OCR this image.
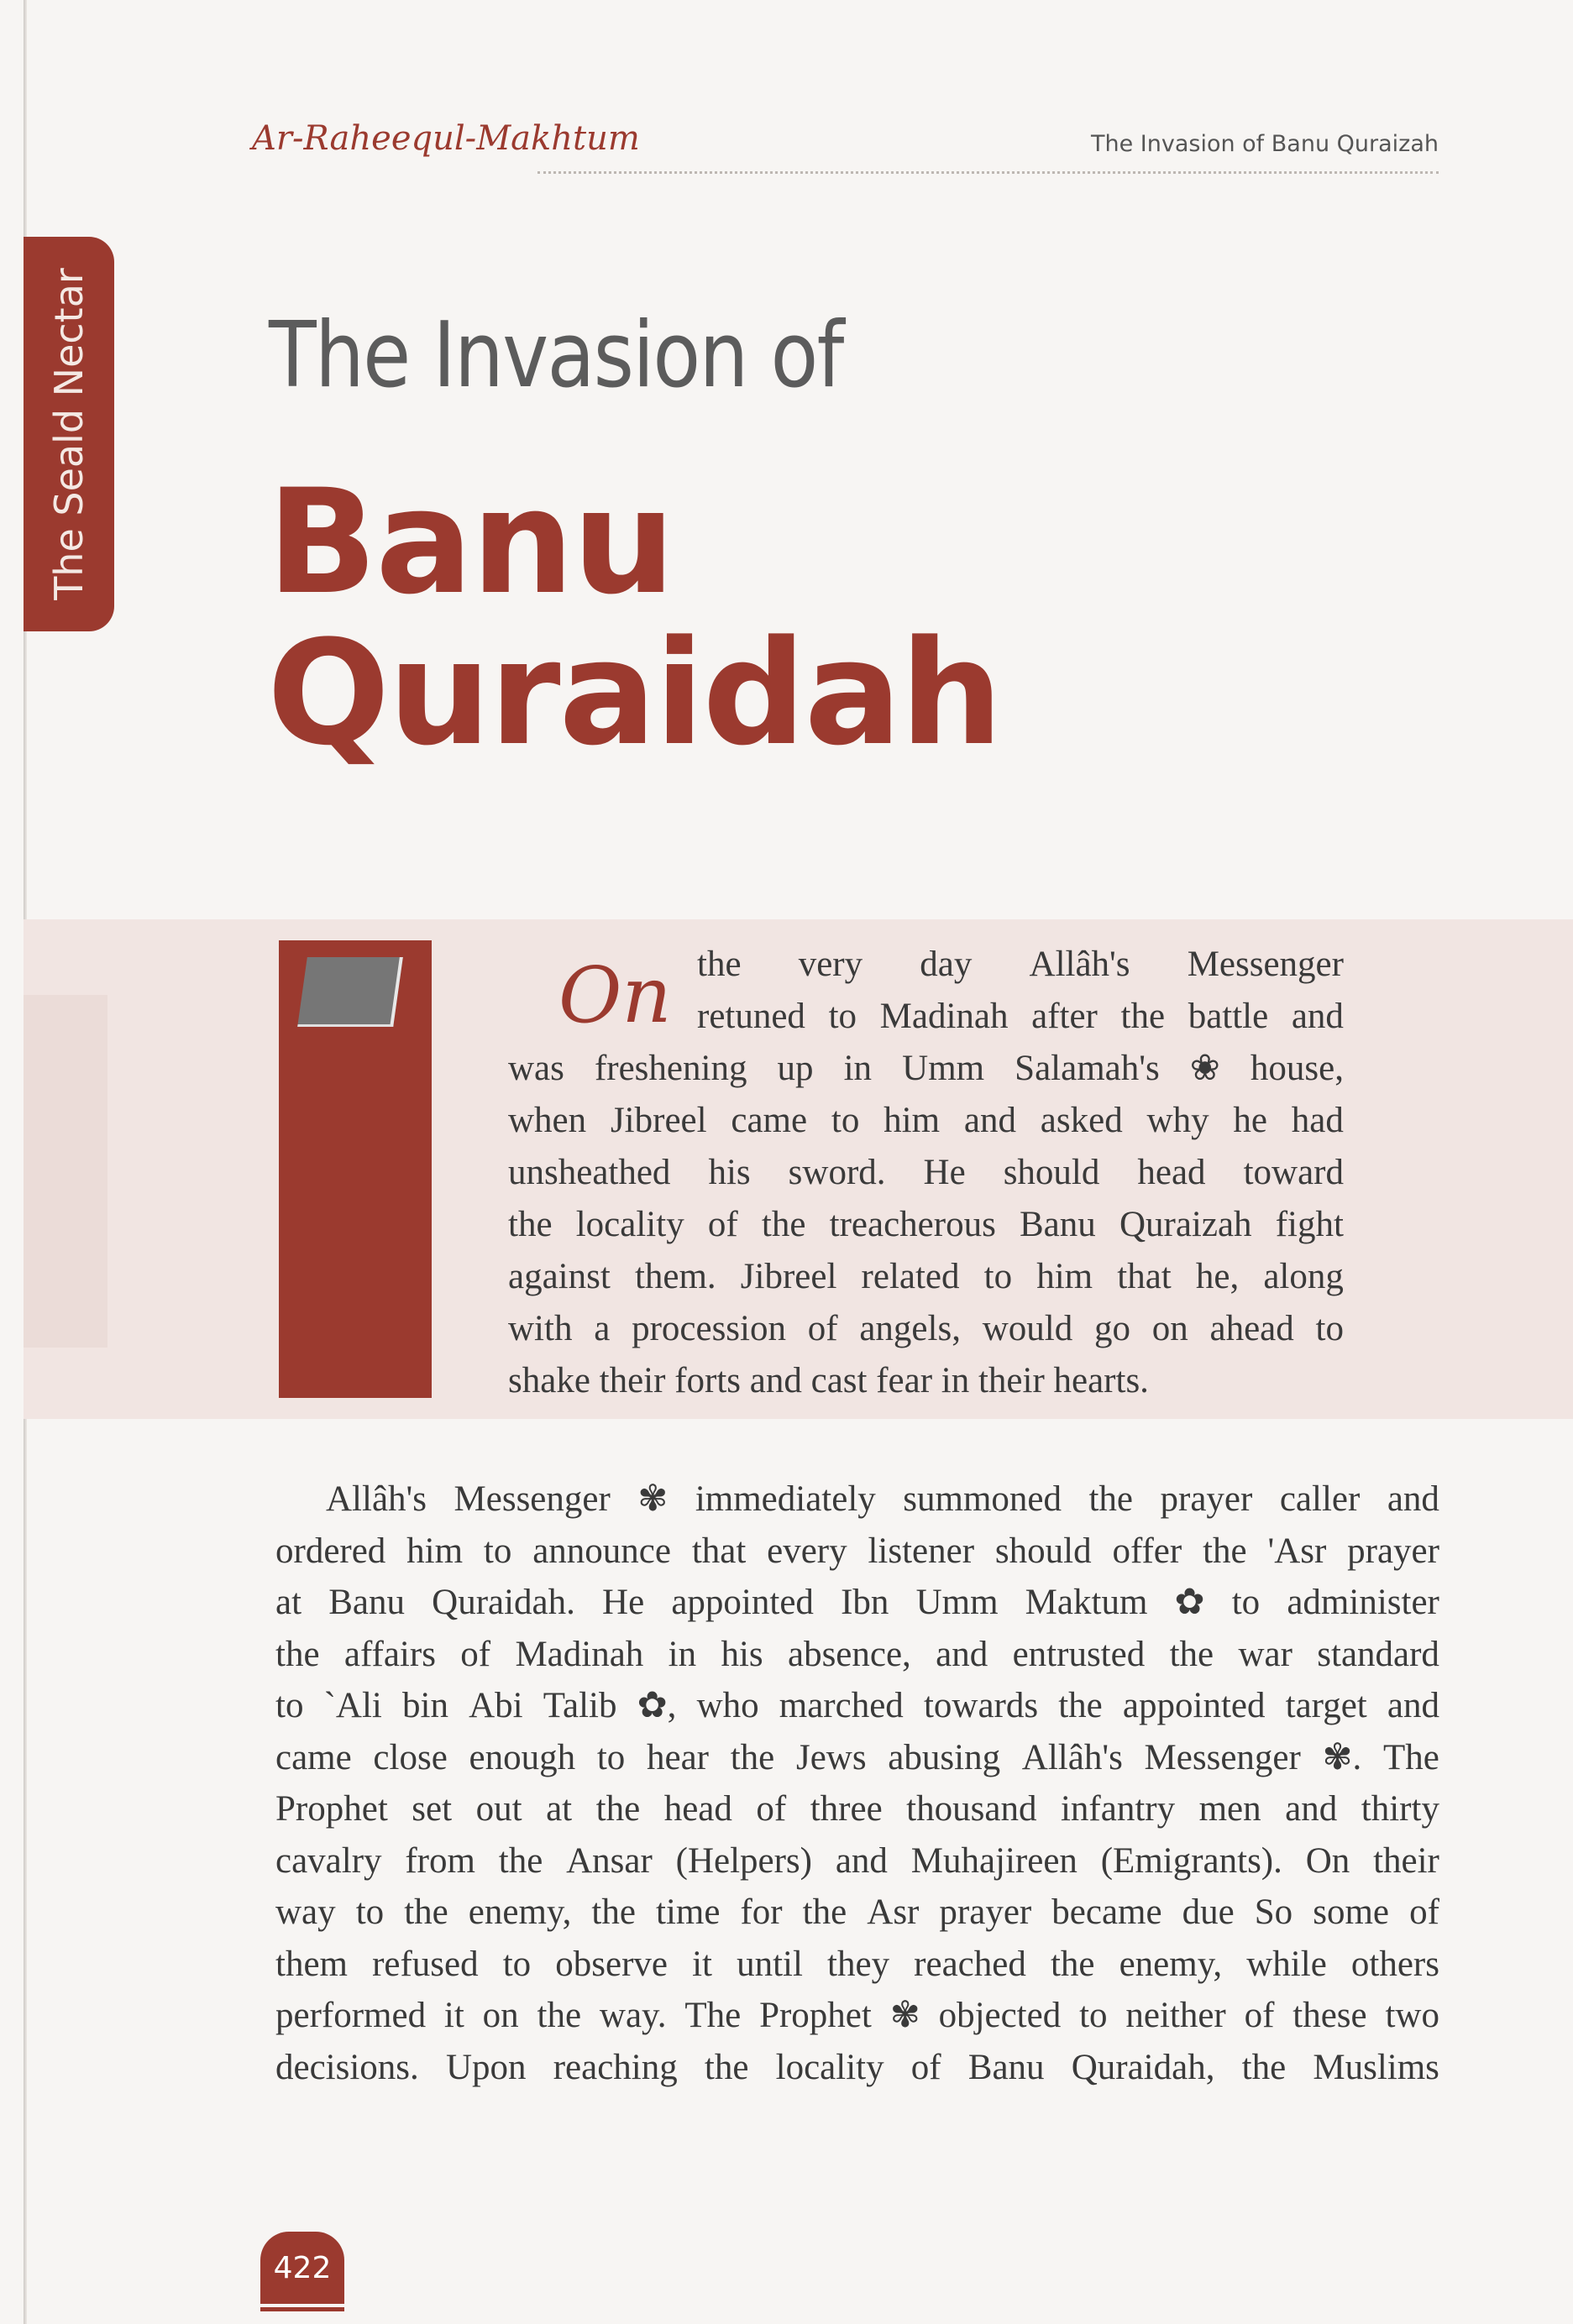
The Seald Nectar
Ar-Raheequl-Makhtum	The Invasion of Banu Quraizah
The Invasion of
Banu
Quraidah
On the very day Allâh's Messenger
retuned to Madinah after the battle and
was freshening up in Umm Salamah's ❀ house,
when Jibreel came to him and asked why he had
unsheathed his sword. He should head toward
the locality of the treacherous Banu Quraizah fight
against them. Jibreel related to him that he, along
with a procession of angels, would go on ahead to
shake their forts and cast fear in their hearts.
Allâh's Messenger ✾ immediately summoned the prayer caller and
ordered him to announce that every listener should offer the 'Asr prayer
at Banu Quraidah. He appointed Ibn Umm Maktum ✿ to administer
the affairs of Madinah in his absence, and entrusted the war standard
to `Ali bin Abi Talib ✿, who marched towards the appointed target and
came close enough to hear the Jews abusing Allâh's Messenger ✾. The
Prophet set out at the head of three thousand infantry men and thirty
cavalry from the Ansar (Helpers) and Muhajireen (Emigrants). On their
way to the enemy, the time for the Asr prayer became due So some of
them refused to observe it until they reached the enemy, while others
performed it on the way. The Prophet ✾ objected to neither of these two
decisions. Upon reaching the locality of Banu Quraidah, the Muslims
422
